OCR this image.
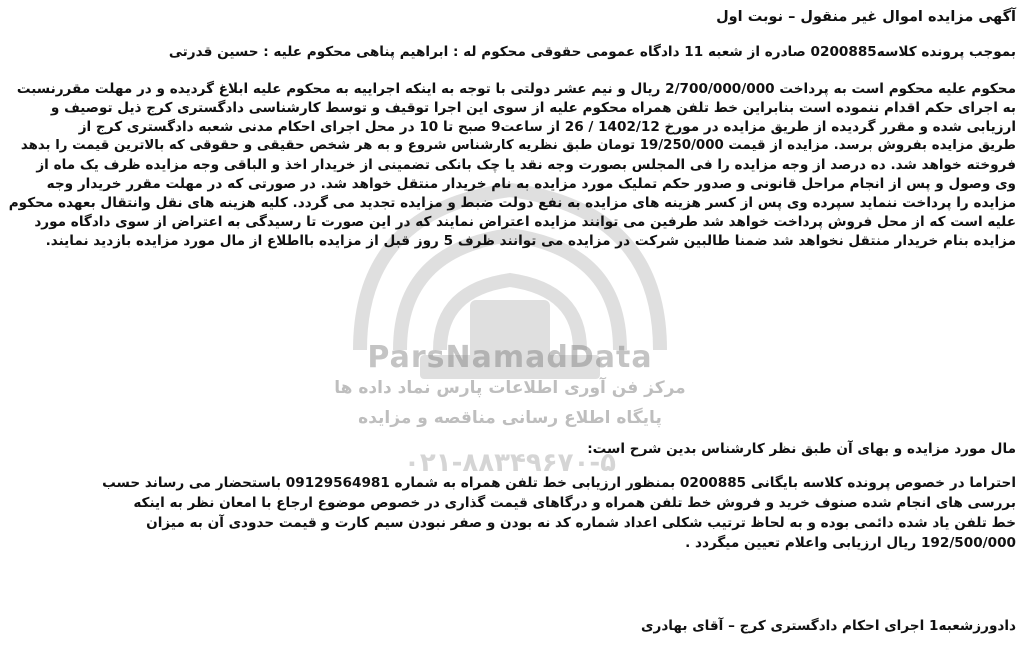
ParsNamadData
مرکز فن آوری اطلاعات پارس نماد داده ها
پایگاه اطلاع رسانی مناقصه و مزایده
۰۲۱-۸۸۳۴۹۶۷۰-۵
آگهی مزایده اموال غیر منقول – نوبت اول
بموجب پرونده کلاسه0200885 صادره از شعبه 11 دادگاه عمومی حقوقی محکوم له : ابراهیم پناهی محکوم علیه : حسین قدرتی
محکوم علیه محکوم است به پرداخت 2/700/000/000 ریال و نیم عشر دولتی با توجه به اینکه اجراییه به محکوم علیه ابلاغ گردیده و در مهلت مقررنسبت
به اجرای حکم اقدام ننموده است بنابراین خط تلفن همراه محکوم علیه از سوی این اجرا توقیف و توسط کارشناسی دادگستری کرج ذیل توصیف و
ارزیابی شده و مقرر گردیده از طریق مزایده در مورخ 1402/12 / 26 از ساعت9 صبح تا 10 در محل اجرای احکام مدنی شعبه دادگستری کرج از
طریق مزایده بفروش برسد. مزایده از قیمت 19/250/000 تومان طبق نظریه کارشناس شروع و به هر شخص حقیقی و حقوقی که بالاترین قیمت را بدهد
فروخته خواهد شد. ده درصد از وجه مزایده را فی المجلس بصورت وجه نقد یا چک بانکی تضمینی از خریدار اخذ و الباقی وجه مزایده ظرف یک ماه از
وی وصول و پس از انجام مراحل قانونی و صدور حکم تملیک مورد مزایده به نام خریدار منتقل خواهد شد. در صورتی که در مهلت مقرر خریدار وجه
مزایده را پرداخت ننماید سپرده وی پس از کسر هزینه های مزایده به نفع دولت ضبط و مزایده تجدید می گردد. کلیه هزینه های نقل وانتقال بعهده محکوم
علیه است که از محل فروش پرداخت خواهد شد طرفین می توانند مزایده اعتراض نمایند که در این صورت تا رسیدگی به اعتراض از سوی دادگاه مورد
مزایده بنام خریدار منتقل نخواهد شد ضمنا طالبین شرکت در مزایده می توانند ظرف 5 روز قبل از مزایده بااطلاع از مال مورد مزایده بازدید نمایند.
مال مورد مزایده و بهای آن طبق نظر کارشناس بدین شرح است:
احتراما در خصوص پرونده کلاسه بایگانی 0200885 بمنظور ارزیابی خط تلفن همراه به شماره 09129564981 باستحضار می رساند حسب
بررسی های انجام شده صنوف خرید و فروش خط تلفن همراه و درگاهای قیمت گذاری در خصوص موضوع ارجاع با امعان نظر به اینکه
خط تلفن یاد شده دائمی بوده و به لحاظ ترتیب شکلی اعداد شماره کد نه بودن و صفر نبودن سیم کارت و قیمت حدودی آن به میزان
192/500/000 ریال ارزیابی واعلام تعیین میگردد .
دادورزشعبه1 اجرای احکام دادگستری کرج – آقای بهادری
